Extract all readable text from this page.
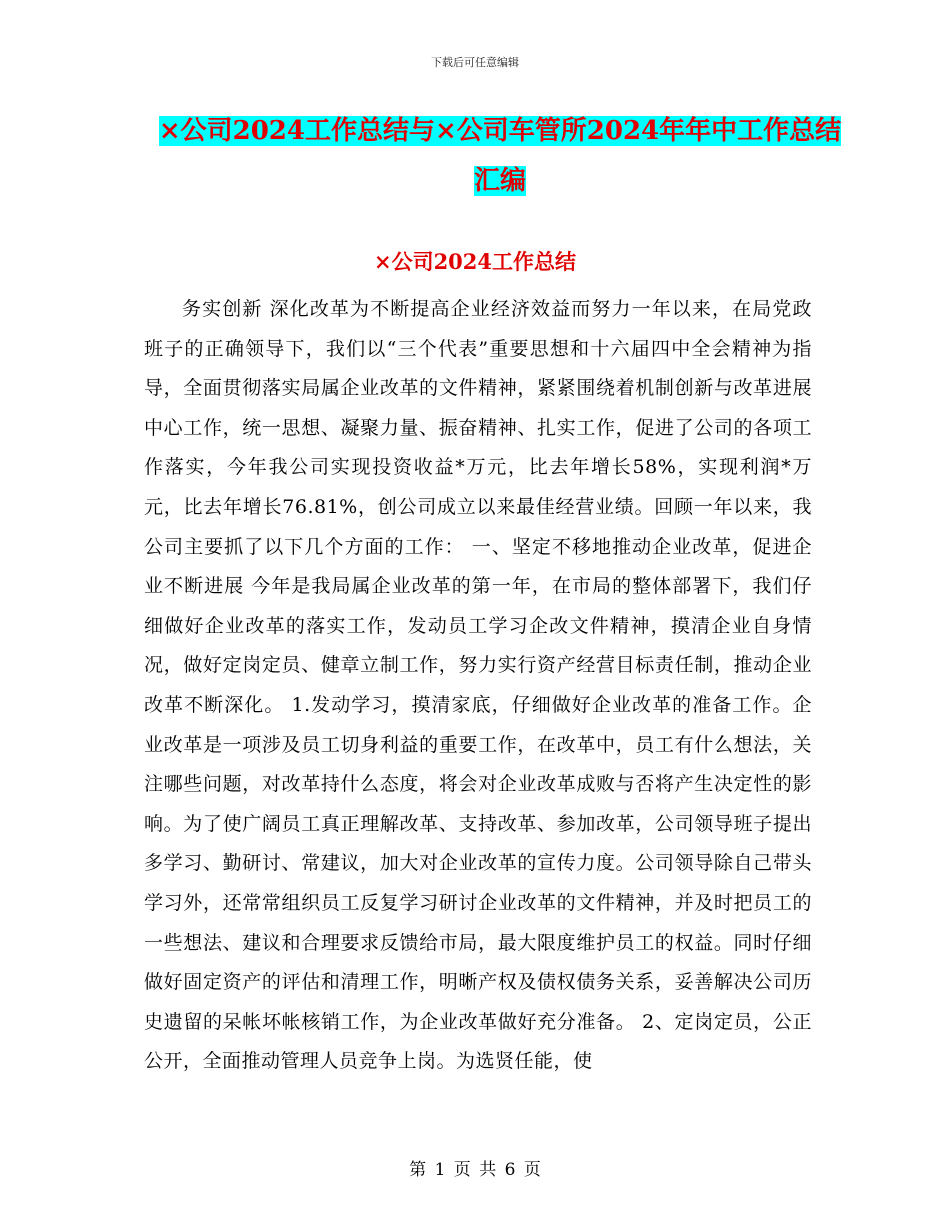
下载后可任意编辑
×公司2024工作总结与×公司车管所2024年年中工作总结汇编
×公司2024工作总结

务实创新 深化改革为不断提高企业经济效益而努力一年以来，在局党政班子的正确领导下，我们以“三个代表”重要思想和十六届四中全会精神为指导，全面贯彻落实局属企业改革的文件精神，紧紧围绕着机制创新与改革进展中心工作，统一思想、凝聚力量、振奋精神、扎实工作，促进了公司的各项工作落实，今年我公司实现投资收益*万元，比去年增长58%，实现利润*万元，比去年增长76.81%，创公司成立以来最佳经营业绩。回顾一年以来，我公司主要抓了以下几个方面的工作： 一、坚定不移地推动企业改革，促进企业不断进展 今年是我局属企业改革的第一年，在市局的整体部署下，我们仔细做好企业改革的落实工作，发动员工学习企改文件精神，摸清企业自身情况，做好定岗定员、健章立制工作，努力实行资产经营目标责任制，推动企业改革不断深化。 1.发动学习，摸清家底，仔细做好企业改革的准备工作。企业改革是一项涉及员工切身利益的重要工作，在改革中，员工有什么想法，关注哪些问题，对改革持什么态度，将会对企业改革成败与否将产生决定性的影响。为了使广阔员工真正理解改革、支持改革、参加改革，公司领导班子提出多学习、勤研讨、常建议，加大对企业改革的宣传力度。公司领导除自己带头学习外，还常常组织员工反复学习研讨企业改革的文件精神，并及时把员工的一些想法、建议和合理要求反馈给市局，最大限度维护员工的权益。同时仔细做好固定资产的评估和清理工作，明晰产权及债权债务关系，妥善解决公司历史遗留的呆帐坏帐核销工作，为企业改革做好充分准备。 2、定岗定员，公正公开，全面推动管理人员竞争上岗。为选贤任能，使

第 1 页 共 6 页
